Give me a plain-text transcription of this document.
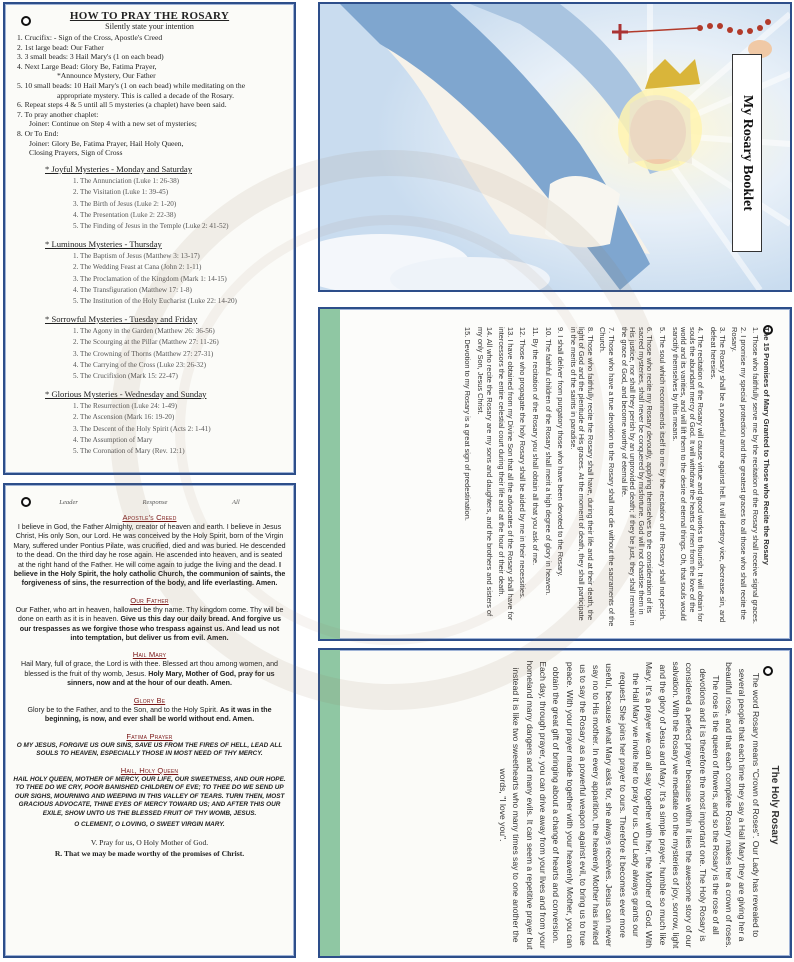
HOW TO PRAY THE ROSARY
Silently state your intention
1. Crucifix: - Sign of the Cross, Apostle's Creed
2. 1st large bead: Our Father
3. 3 small beads: 3 Hail Mary's (1 on each bead)
4. Next Large Bead: Glory Be, Fatima Prayer,
*Announce Mystery, Our Father
5. 10 small beads: 10 Hail Mary's (1 on each bead) while meditating on the
appropriate mystery. This is called a decade of the Rosary.
6. Repeat steps 4 & 5 until all 5 mysteries (a chaplet) have been said.
7. To pray another chaplet:
Joiner: Continue on Step 4 with a new set of mysteries;
8. Or To End:
Joiner: Glory Be, Fatima Prayer, Hail Holy Queen,
Closing Prayers, Sign of Cross
* Joyful Mysteries - Monday and Saturday
1. The Annunciation (Luke 1: 26-38)
2. The Visitation (Luke 1: 39-45)
3. The Birth of Jesus (Luke 2: 1-20)
4. The Presentation (Luke 2: 22-38)
5. The Finding of Jesus in the Temple (Luke 2: 41-52)
* Luminous Mysteries - Thursday
1. The Baptism of Jesus (Matthew 3: 13-17)
2. The Wedding Feast at Cana (John 2: 1-11)
3. The Proclamation of the Kingdom (Mark 1: 14-15)
4. The Transfiguration (Matthew 17: 1-8)
5. The Institution of the Holy Eucharist (Luke 22: 14-20)
* Sorrowful Mysteries - Tuesday and Friday
1. The Agony in the Garden (Matthew 26: 36-56)
2. The Scourging at the Pillar (Matthew 27: 11-26)
3. The Crowning of Thorns (Matthew 27: 27-31)
4. The Carrying of the Cross (Luke 23: 26-32)
5. The Crucifixion (Mark 15: 22-47)
* Glorious Mysteries - Wednesday and Sunday
1. The Resurrection (Luke 24: 1-49)
2. The Ascension (Mark 16: 19-20)
3. The Descent of the Holy Spirit (Acts 2: 1-41)
4. The Assumption of Mary
5. The Coronation of Mary (Rev. 12:1)
My Rosary Booklet
The 15 Promises of Mary Granted to Those who Recite the Rosary

1. Those who faithfully serve me by the recitation of the Rosary shall receive signal graces.

2. I promise my special protection and the greatest graces to all those who shall recite the Rosary.

3. The Rosary shall be a powerful armor against hell. It will destroy vice, decrease sin, and defeat heresies.

4. The recitation of the Rosary will cause virtue and good works to flourish. It will obtain for souls the abundant mercy of God. It will withdraw the hearts of men from the love of the world and its vanities, and will lift them to the desire of eternal things. Oh, that souls would sanctify themselves by this means.

5. The soul which recommends itself to me by the recitation of the Rosary shall not perish.

6. Those who recite my Rosary devoutly, applying themselves to the consideration of its sacred mysteries, shall never be conquered by misfortune. God will not chastise them in His justice, nor shall they perish by an unprovided death; if they be just, they shall remain in the grace of God, and become worthy of eternal life.

7. Those who have a true devotion to the Rosary shall not die without the sacraments of the Church.

8. Those who faithfully recite the Rosary shall have, during their life and at their death, the light of God and the plenitude of His graces. At the moment of death, they shall participate in the merits of the saints in paradise.

9. I shall deliver from purgatory those who have been devoted to the Rosary.

10. The faithful children of the Rosary shall merit a high degree of glory in heaven.

11. By the recitation of the Rosary you shall obtain all that you ask of me.

12. Those who propagate the holy Rosary shall be aided by me in their necessities.

13. I have obtained from my Divine Son that all the advocates of the Rosary shall have for intercessors the entire celestial court during their life and at the hour of their death.

14. All who recite the Rosary are my sons and daughters, and the brothers and sisters of my only Son, Jesus Christ.

15. Devotion to my Rosary is a great sign of predestination.

Leader	Response	All
Apostle's Creed
I believe in God, the Father Almighty, creator of heaven and earth. I believe in Jesus Christ, His only Son, our Lord. He was conceived by the Holy Spirit, born of the Virgin Mary, suffered under Pontius Pilate, was crucified, died and was buried. He descended to the dead. On the third day he rose again. He ascended into heaven, and is seated at the right hand of the Father. He will come again to judge the living and the dead. I believe in the Holy Spirit, the holy catholic Church, the communion of saints, the forgiveness of sins, the resurrection of the body, and life everlasting. Amen.
Our Father
Our Father, who art in heaven, hallowed be thy name. Thy kingdom come. Thy will be done on earth as it is in heaven. Give us this day our daily bread. And forgive us our trespasses as we forgive those who trespass against us. And lead us not into temptation, but deliver us from evil. Amen.
Hail Mary
Hail Mary, full of grace, the Lord is with thee. Blessed art thou among women, and blessed is the fruit of thy womb, Jesus. Holy Mary, Mother of God, pray for us sinners, now and at the hour of our death. Amen.
Glory Be
Glory be to the Father, and to the Son, and to the Holy Spirit. As it was in the beginning, is now, and ever shall be world without end. Amen.
Fatima Prayer
O MY JESUS, FORGIVE US OUR SINS, SAVE US FROM THE FIRES OF HELL, LEAD ALL SOULS TO HEAVEN, ESPECIALLY THOSE IN MOST NEED OF THY MERCY.
Hail, Holy Queen
HAIL HOLY QUEEN, MOTHER OF MERCY, OUR LIFE, OUR SWEETNESS, AND OUR HOPE. TO THEE DO WE CRY, POOR BANISHED CHILDREN OF EVE; TO THEE DO WE SEND UP OUR SIGHS, MOURNING AND WEEPING IN THIS VALLEY OF TEARS. TURN THEN, MOST GRACIOUS ADVOCATE, THINE EYES OF MERCY TOWARD US; AND AFTER THIS OUR EXILE, SHOW UNTO US THE BLESSED FRUIT OF THY WOMB, JESUS.
O CLEMENT, O LOVING, O SWEET VIRGIN MARY.
V. Pray for us, O Holy Mother of God.
R. That we may be made worthy of the promises of Christ.
The Holy Rosary
The word Rosary means "Crown of Roses". Our Lady has revealed to several people that each time they say a Hail Mary they are giving her a beautiful rose, and that each complete Rosary makes her a crown of roses. The rose is the queen of flowers, and so the Rosary is the rose of all devotions and it is therefore the most important one. The Holy Rosary is considered a perfect prayer because within it lies the awesome story of our salvation. With the Rosary we meditate on the mysteries of joy, sorrow, light and the glory of Jesus and Mary. It's a simple prayer, humble so much like Mary. It's a prayer we can all say together with her, the Mother of God. With the Hail Mary we invite her to pray for us. Our Lady always grants our request. She joins her prayer to ours. Therefore it becomes ever more useful, because what Mary asks for, she always receives. Jesus can never say no to His mother. In every apparition, the heavenly Mother has invited us to say the Rosary as a powerful weapon against evil, to bring us to true peace. With your prayer made together with your heavenly Mother, you can obtain the great gift of bringing about a change of hearts and conversion. Each day, through prayer, you can drive away from your lives and from your homeland many dangers and many evils. It can seem a repetitive prayer but instead it is like two sweethearts who many times say to one another the words, "I love you".
